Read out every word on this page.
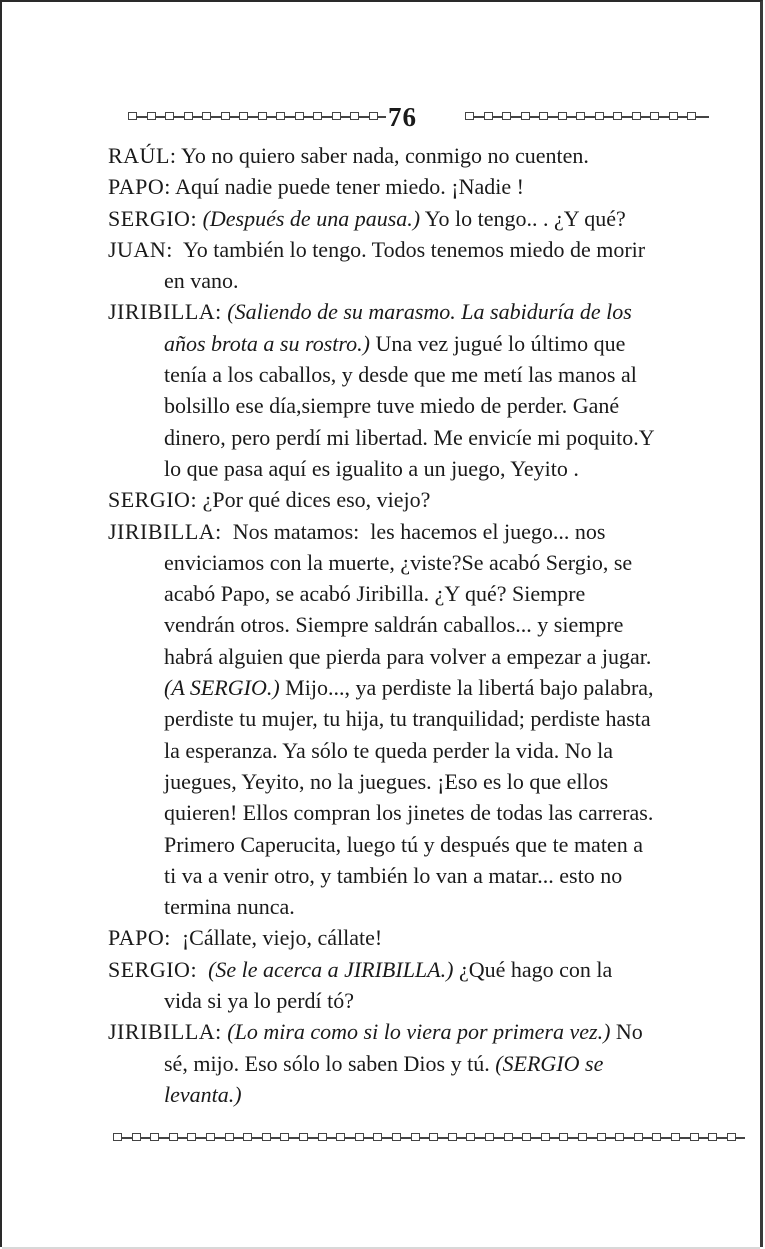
76
RAÚL: Yo no quiero saber nada, conmigo no cuenten.
PAPO: Aquí nadie puede tener miedo. ¡Nadie !
SERGIO: (Después de una pausa.) Yo lo tengo.. . ¿Y qué?
JUAN:  Yo también lo tengo. Todos tenemos miedo de morir
en vano.
JIRIBILLA: (Saliendo de su marasmo. La sabiduría de los
años brota a su rostro.) Una vez jugué lo último que
tenía a los caballos, y desde que me metí las manos al
bolsillo ese día,siempre tuve miedo de perder. Gané
dinero, pero perdí mi libertad. Me envicíe mi poquito.Y
lo que pasa aquí es igualito a un juego, Yeyito .
SERGIO: ¿Por qué dices eso, viejo?
JIRIBILLA:  Nos matamos:  les hacemos el juego... nos
enviciamos con la muerte, ¿viste?Se acabó Sergio, se
acabó Papo, se acabó Jiribilla. ¿Y qué? Siempre
vendrán otros. Siempre saldrán caballos... y siempre
habrá alguien que pierda para volver a empezar a jugar.
(A SERGIO.) Mijo..., ya perdiste la libertá bajo palabra,
perdiste tu mujer, tu hija, tu tranquilidad; perdiste hasta
la esperanza. Ya sólo te queda perder la vida. No la
juegues, Yeyito, no la juegues. ¡Eso es lo que ellos
quieren! Ellos compran los jinetes de todas las carreras.
Primero Caperucita, luego tú y después que te maten a
ti va a venir otro, y también lo van a matar... esto no
termina nunca.
PAPO:  ¡Cállate, viejo, cállate!
SERGIO: (Se le acerca a JIRIBILLA.) ¿Qué hago con la
vida si ya lo perdí tó?
JIRIBILLA: (Lo mira como si lo viera por primera vez.) No
sé, mijo. Eso sólo lo saben Dios y tú. (SERGIO se
levanta.)
